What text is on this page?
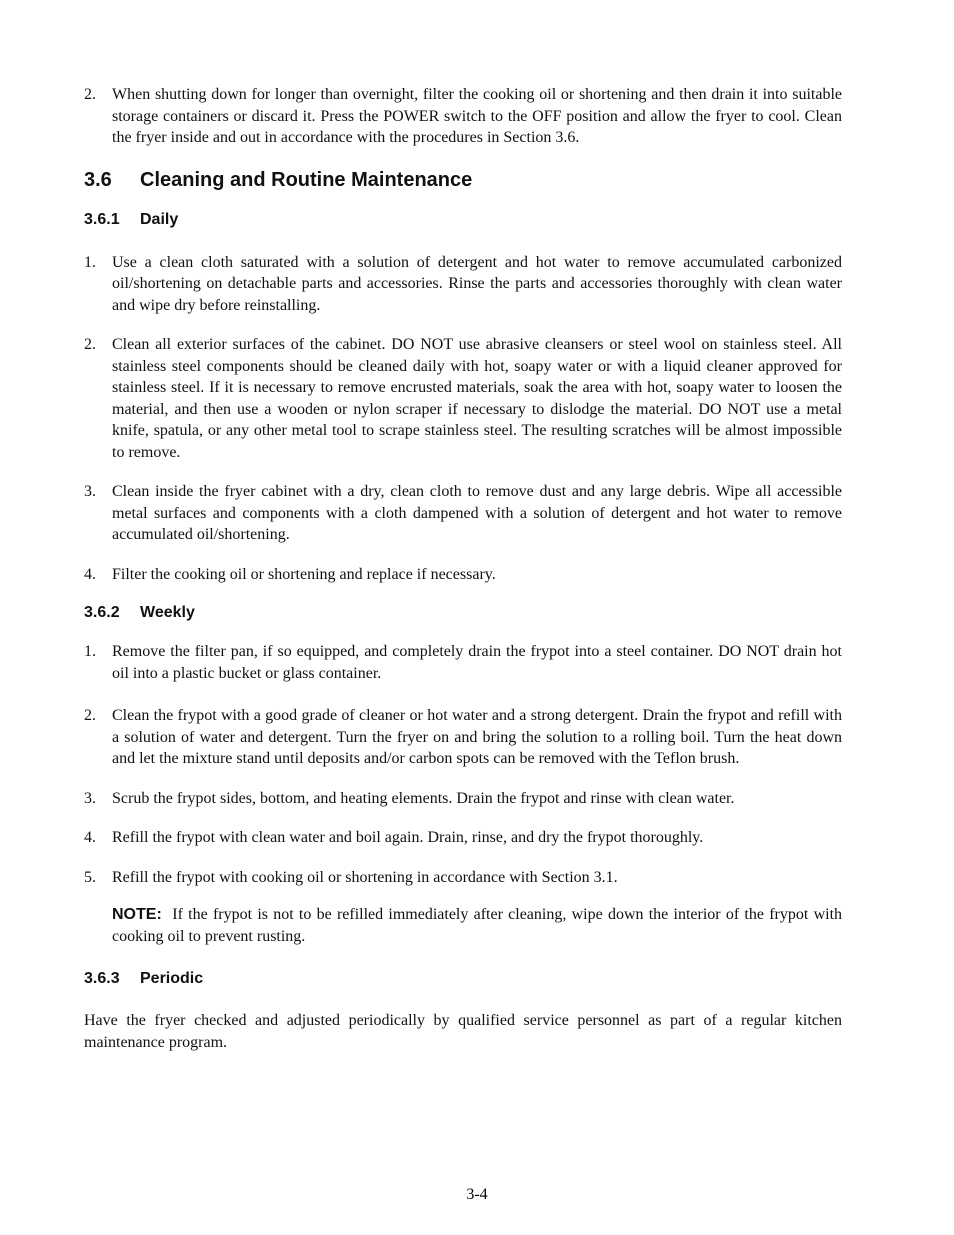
2. When shutting down for longer than overnight, filter the cooking oil or shortening and then drain it into suitable storage containers or discard it. Press the POWER switch to the OFF position and allow the fryer to cool. Clean the fryer inside and out in accordance with the procedures in Section 3.6.

3.6 Cleaning and Routine Maintenance
3.6.1 Daily
1. Use a clean cloth saturated with a solution of detergent and hot water to remove accumulated carbonized oil/shortening on detachable parts and accessories. Rinse the parts and accessories thoroughly with clean water and wipe dry before reinstalling.

2. Clean all exterior surfaces of the cabinet. DO NOT use abrasive cleansers or steel wool on stainless steel. All stainless steel components should be cleaned daily with hot, soapy water or with a liquid cleaner approved for stainless steel. If it is necessary to remove encrusted materials, soak the area with hot, soapy water to loosen the material, and then use a wooden or nylon scraper if necessary to dislodge the material. DO NOT use a metal knife, spatula, or any other metal tool to scrape stainless steel. The resulting scratches will be almost impossible to remove.

3. Clean inside the fryer cabinet with a dry, clean cloth to remove dust and any large debris. Wipe all accessible metal surfaces and components with a cloth dampened with a solution of detergent and hot water to remove accumulated oil/shortening.

4. Filter the cooking oil or shortening and replace if necessary.

3.6.2 Weekly
1. Remove the filter pan, if so equipped, and completely drain the frypot into a steel container. DO NOT drain hot oil into a plastic bucket or glass container.

2. Clean the frypot with a good grade of cleaner or hot water and a strong detergent. Drain the frypot and refill with a solution of water and detergent. Turn the fryer on and bring the solution to a rolling boil. Turn the heat down and let the mixture stand until deposits and/or carbon spots can be removed with the Teflon brush.

3. Scrub the frypot sides, bottom, and heating elements. Drain the frypot and rinse with clean water.

4. Refill the frypot with clean water and boil again. Drain, rinse, and dry the frypot thoroughly.

5. Refill the frypot with cooking oil or shortening in accordance with Section 3.1.

NOTE: If the frypot is not to be refilled immediately after cleaning, wipe down the interior of the frypot with cooking oil to prevent rusting.
3.6.3 Periodic

Have the fryer checked and adjusted periodically by qualified service personnel as part of a regular kitchen maintenance program.

3-4
